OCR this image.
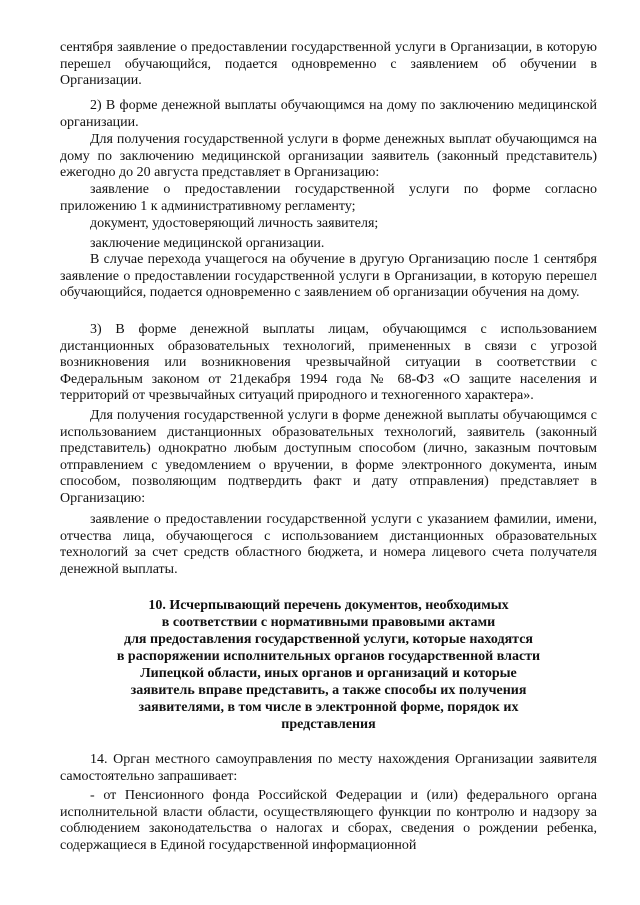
сентября заявление о предоставлении государственной услуги в Организации, в которую перешел обучающийся, подается одновременно с заявлением об обучении в Организации.

2) В форме денежной выплаты обучающимся на дому по заключению медицинской организации.

Для получения государственной услуги в форме денежных выплат обучающимся на дому по заключению медицинской организации заявитель (законный представитель) ежегодно до 20 августа представляет в Организацию:

заявление о предоставлении государственной услуги по форме согласно приложению 1 к административному регламенту;

документ, удостоверяющий личность заявителя;

заключение медицинской организации.

В случае перехода учащегося на обучение в другую Организацию после 1 сентября заявление о предоставлении государственной услуги в Организации, в которую перешел обучающийся, подается одновременно с заявлением об организации обучения на дому.

3) В форме денежной выплаты лицам, обучающимся с использованием дистанционных образовательных технологий, примененных в связи с угрозой возникновения или возникновения чрезвычайной ситуации в соответствии с Федеральным законом от 21декабря 1994 года № 68-ФЗ «О защите населения и территорий от чрезвычайных ситуаций природного и техногенного характера».

Для получения государственной услуги в форме денежной выплаты обучающимся с использованием дистанционных образовательных технологий, заявитель (законный представитель) однократно любым доступным способом (лично, заказным почтовым отправлением с уведомлением о вручении, в форме электронного документа, иным способом, позволяющим подтвердить факт и дату отправления) представляет в Организацию:

заявление о предоставлении государственной услуги с указанием фамилии, имени, отчества лица, обучающегося с использованием дистанционных образовательных технологий за счет средств областного бюджета, и номера лицевого счета получателя денежной выплаты.

10. Исчерпывающий перечень документов, необходимых
в соответствии с нормативными правовыми актами
для предоставления государственной услуги, которые находятся
в распоряжении исполнительных органов государственной власти
Липецкой области, иных органов и организаций и которые
заявитель вправе представить, а также способы их получения
заявителями, в том числе в электронной форме, порядок их
представления

14. Орган местного самоуправления по месту нахождения Организации заявителя самостоятельно запрашивает:

- от Пенсионного фонда Российской Федерации и (или) федерального органа исполнительной власти области, осуществляющего функции по контролю и надзору за соблюдением законодательства о налогах и сборах, сведения о рождении ребенка, содержащиеся в Единой государственной информационной
